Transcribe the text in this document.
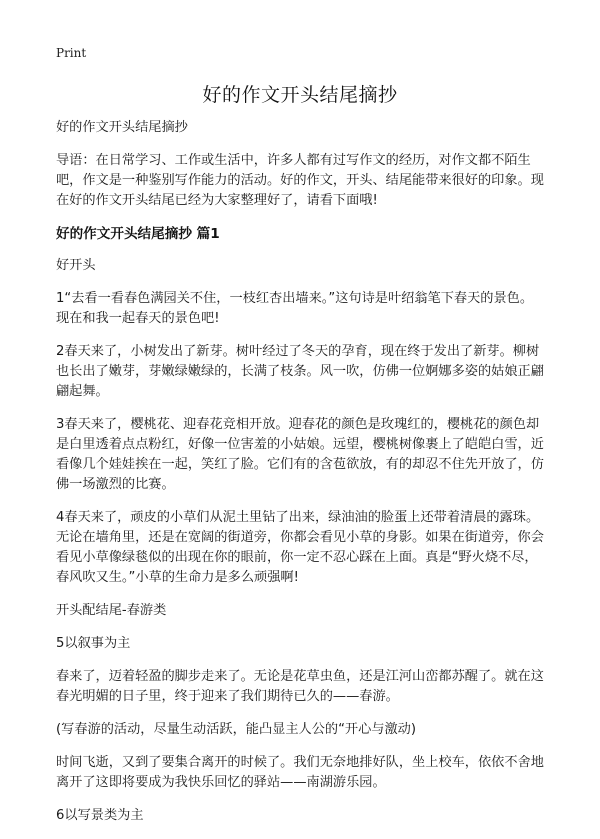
Print
好的作文开头结尾摘抄

好的作文开头结尾摘抄

导语：在日常学习、工作或生活中，许多人都有过写作文的经历，对作文都不陌生吧，作文是一种鉴别写作能力的活动。好的作文，开头、结尾能带来很好的印象。现在好的作文开头结尾已经为大家整理好了，请看下面哦!

好的作文开头结尾摘抄 篇1

好开头

1“去看一看春色满园关不住，一枝红杏出墙来。”这句诗是叶绍翁笔下春天的景色。现在和我一起春天的景色吧!

2春天来了，小树发出了新芽。树叶经过了冬天的孕育，现在终于发出了新芽。柳树也长出了嫩芽，芽嫩绿嫩绿的，长满了枝条。风一吹，仿佛一位婀娜多姿的姑娘正翩翩起舞。

3春天来了，樱桃花、迎春花竞相开放。迎春花的颜色是玫瑰红的，樱桃花的颜色却是白里透着点点粉红，好像一位害羞的小姑娘。远望，樱桃树像裹上了皑皑白雪，近看像几个娃娃挨在一起，笑红了脸。它们有的含苞欲放，有的却忍不住先开放了，仿佛一场激烈的比赛。

4春天来了，顽皮的小草们从泥土里钻了出来，绿油油的脸蛋上还带着清晨的露珠。无论在墙角里，还是在宽阔的街道旁，你都会看见小草的身影。如果在街道旁，你会看见小草像绿毯似的出现在你的眼前，你一定不忍心踩在上面。真是“野火烧不尽，春风吹又生。”小草的生命力是多么顽强啊!

开头配结尾-春游类

5以叙事为主

春来了，迈着轻盈的脚步走来了。无论是花草虫鱼，还是江河山峦都苏醒了。就在这春光明媚的日子里，终于迎来了我们期待已久的——春游。

(写春游的活动，尽量生动活跃，能凸显主人公的“开心与激动)

时间飞逝，又到了要集合离开的时候了。我们无奈地排好队，坐上校车，依依不舍地离开了这即将要成为我快乐回忆的驿站——南湖游乐园。

6以写景类为主
